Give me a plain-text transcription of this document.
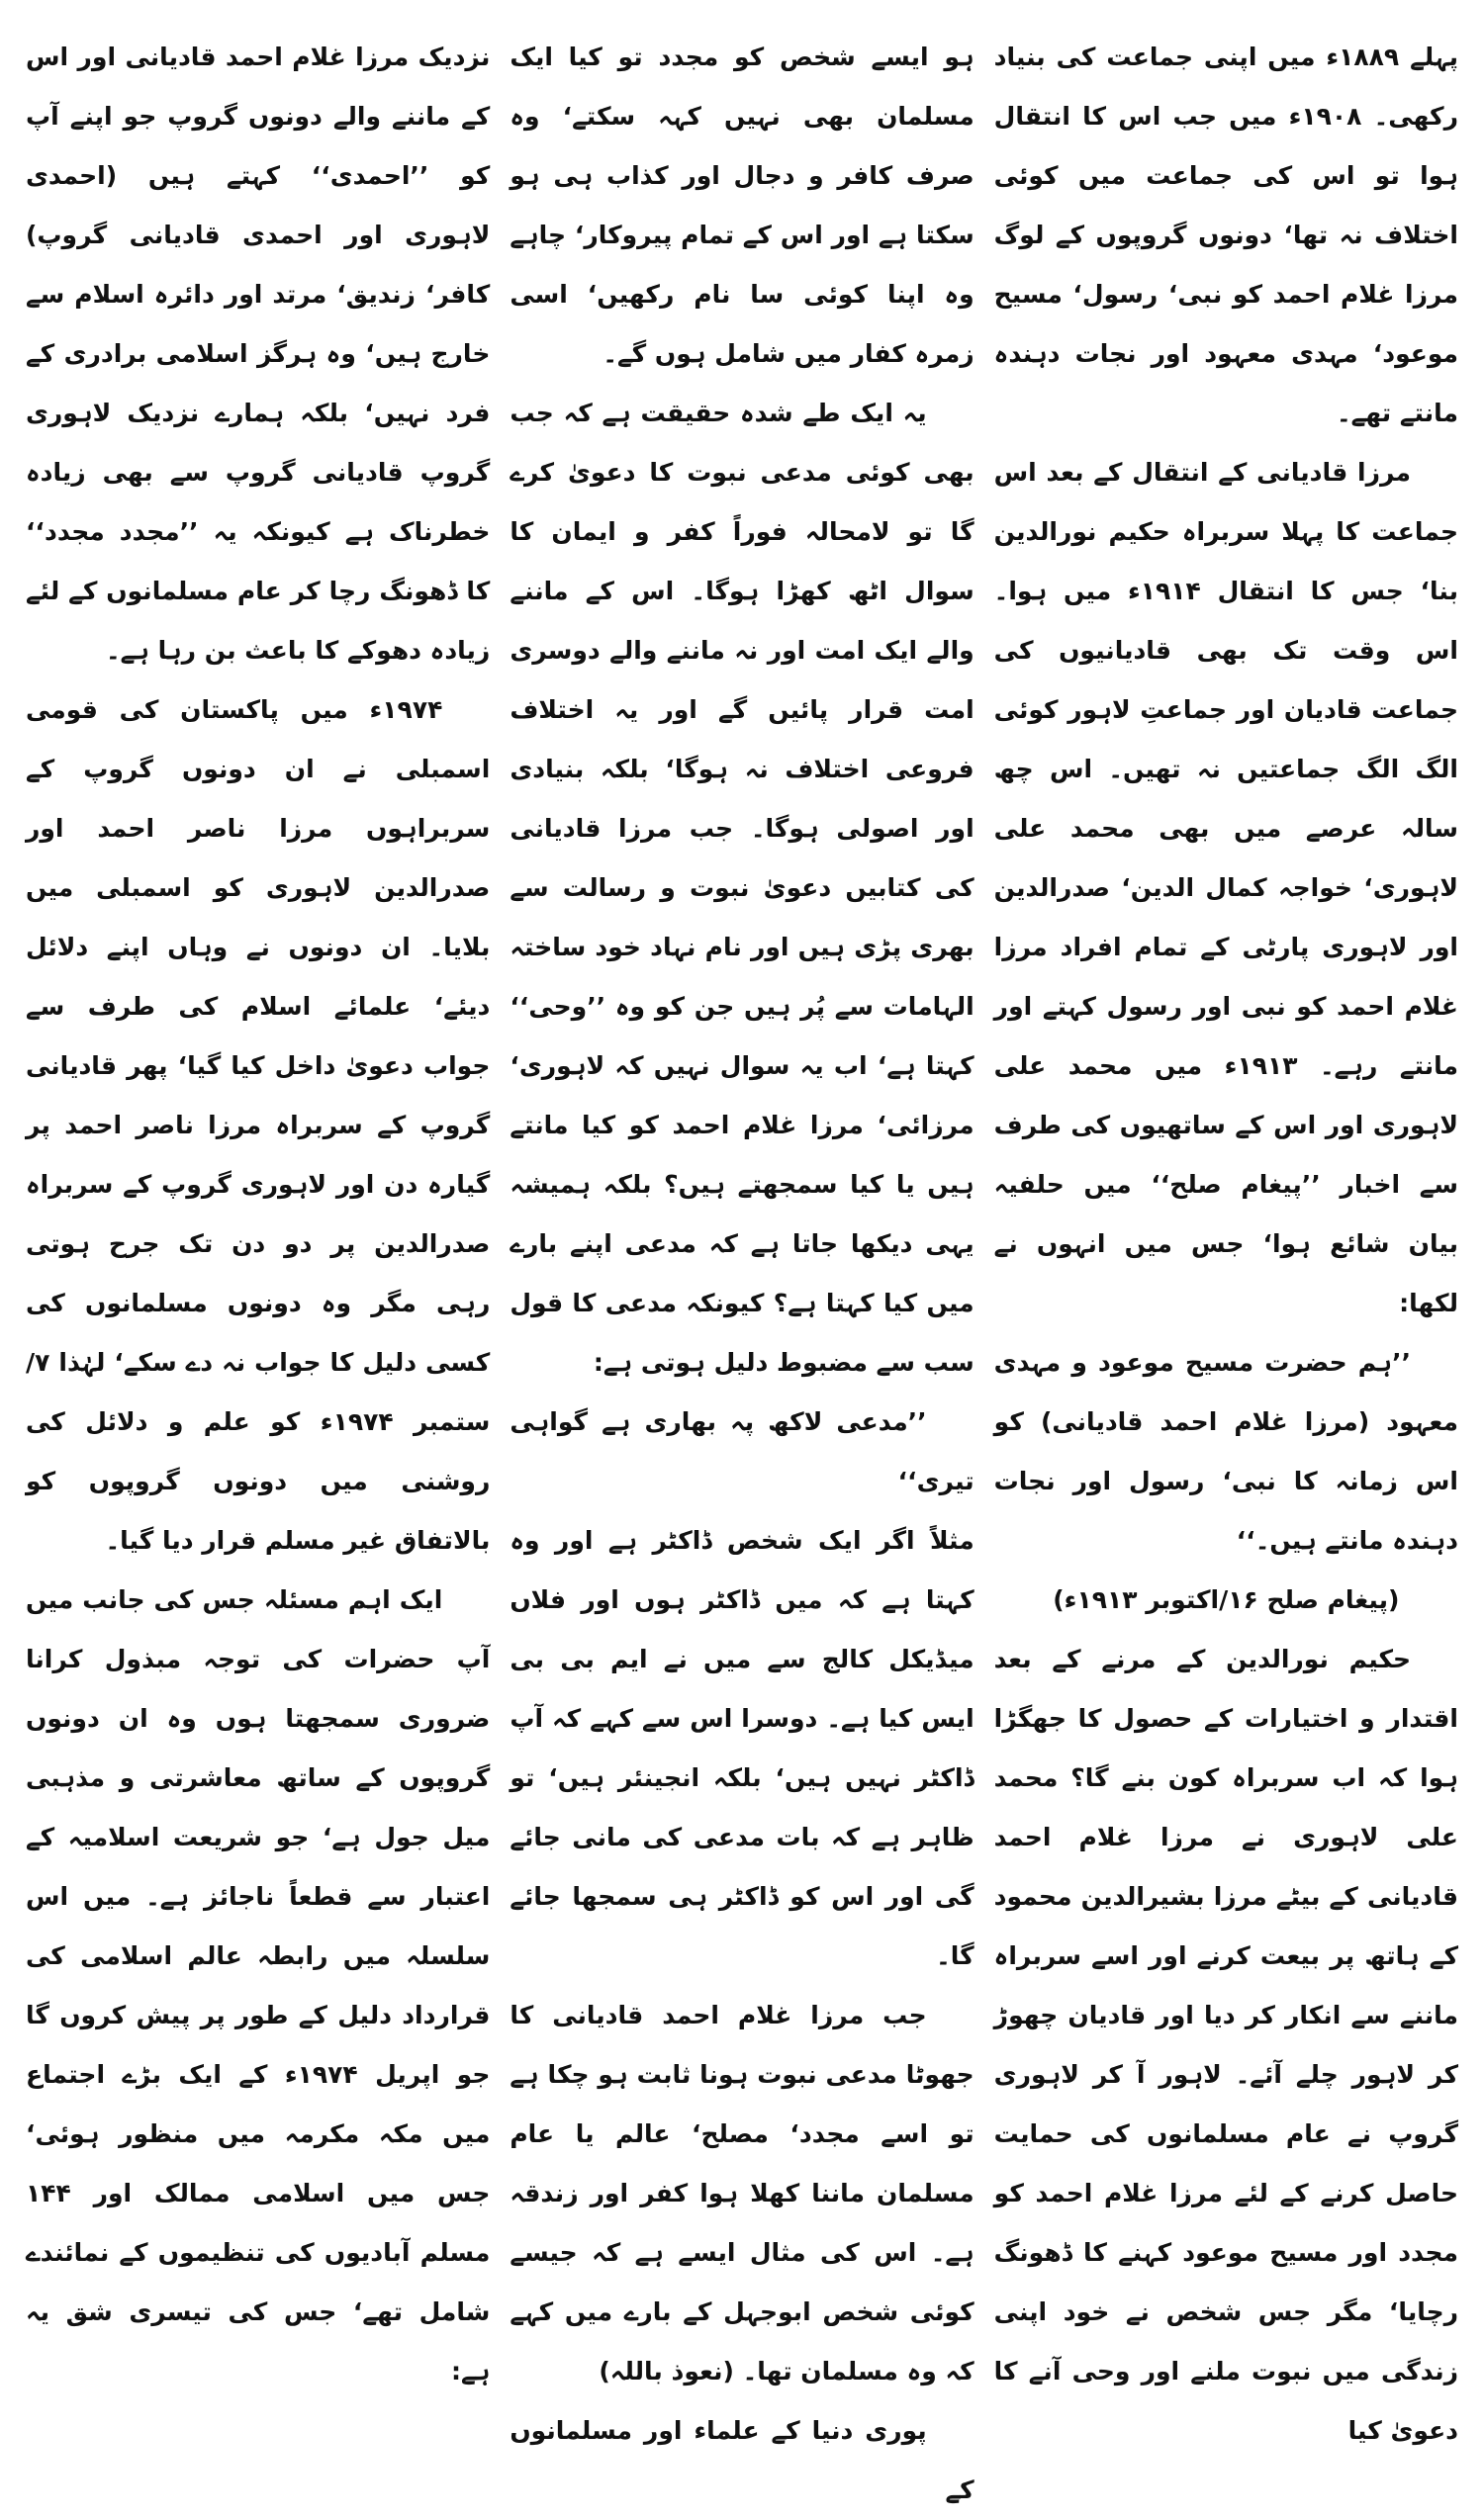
پہلے ۱۸۸۹ء میں اپنی جماعت کی بنیاد رکھی۔ ۱۹۰۸ء میں جب اس کا انتقال ہوا تو اس کی جماعت میں کوئی اختلاف نہ تھا‘ دونوں گروپوں کے لوگ مرزا غلام احمد کو نبی‘ رسول‘ مسیح موعود‘ مہدی معہود اور نجات دہندہ مانتے تھے۔

مرزا قادیانی کے انتقال کے بعد اس جماعت کا پہلا سربراہ حکیم نورالدین بنا‘ جس کا انتقال ۱۹۱۴ء میں ہوا۔ اس وقت تک بھی قادیانیوں کی جماعت قادیان اور جماعتِ لاہور کوئی الگ الگ جماعتیں نہ تھیں۔ اس چھ سالہ عرصے میں بھی محمد علی لاہوری‘ خواجہ کمال الدین‘ صدرالدین اور لاہوری پارٹی کے تمام افراد مرزا غلام احمد کو نبی اور رسول کہتے اور مانتے رہے۔ ۱۹۱۳ء میں محمد علی لاہوری اور اس کے ساتھیوں کی طرف سے اخبار ’’پیغام صلح‘‘ میں حلفیہ بیان شائع ہوا‘ جس میں انہوں نے لکھا:

’’ہم حضرت مسیح موعود و مہدی معہود (مرزا غلام احمد قادیانی) کو اس زمانہ کا نبی‘ رسول اور نجات دہندہ مانتے ہیں۔‘‘

(پیغام صلح ۱۶/اکتوبر ۱۹۱۳ء)

حکیم نورالدین کے مرنے کے بعد اقتدار و اختیارات کے حصول کا جھگڑا ہوا کہ اب سربراہ کون بنے گا؟ محمد علی لاہوری نے مرزا غلام احمد قادیانی کے بیٹے مرزا بشیرالدین محمود کے ہاتھ پر بیعت کرنے اور اسے سربراہ ماننے سے انکار کر دیا اور قادیان چھوڑ کر لاہور چلے آئے۔ لاہور آ کر لاہوری گروپ نے عام مسلمانوں کی حمایت حاصل کرنے کے لئے مرزا غلام احمد کو مجدد اور مسیح موعود کہنے کا ڈھونگ رچایا‘ مگر جس شخص نے خود اپنی زندگی میں نبوت ملنے اور وحی آنے کا دعویٰ کیا

ہو ایسے شخص کو مجدد تو کیا ایک مسلمان بھی نہیں کہہ سکتے‘ وہ صرف کافر و دجال اور کذاب ہی ہو سکتا ہے اور اس کے تمام پیروکار‘ چاہے وہ اپنا کوئی سا نام رکھیں‘ اسی زمرہ کفار میں شامل ہوں گے۔

یہ ایک طے شدہ حقیقت ہے کہ جب بھی کوئی مدعی نبوت کا دعویٰ کرے گا تو لامحالہ فوراً کفر و ایمان کا سوال اٹھ کھڑا ہوگا۔ اس کے ماننے والے ایک امت اور نہ ماننے والے دوسری امت قرار پائیں گے اور یہ اختلاف فروعی اختلاف نہ ہوگا‘ بلکہ بنیادی اور اصولی ہوگا۔ جب مرزا قادیانی کی کتابیں دعویٰ نبوت و رسالت سے بھری پڑی ہیں اور نام نہاد خود ساختہ الہامات سے پُر ہیں جن کو وہ ’’وحی‘‘ کہتا ہے‘ اب یہ سوال نہیں کہ لاہوری‘ مرزائی‘ مرزا غلام احمد کو کیا مانتے ہیں یا کیا سمجھتے ہیں؟ بلکہ ہمیشہ یہی دیکھا جاتا ہے کہ مدعی اپنے بارے میں کیا کہتا ہے؟ کیونکہ مدعی کا قول سب سے مضبوط دلیل ہوتی ہے:

’’مدعی لاکھ پہ بھاری ہے گواہی تیری‘‘

مثلاً اگر ایک شخص ڈاکٹر ہے اور وہ کہتا ہے کہ میں ڈاکٹر ہوں اور فلاں میڈیکل کالج سے میں نے ایم بی بی ایس کیا ہے۔ دوسرا اس سے کہے کہ آپ ڈاکٹر نہیں ہیں‘ بلکہ انجینئر ہیں‘ تو ظاہر ہے کہ بات مدعی کی مانی جائے گی اور اس کو ڈاکٹر ہی سمجھا جائے گا۔

جب مرزا غلام احمد قادیانی کا جھوٹا مدعی نبوت ہونا ثابت ہو چکا ہے تو اسے مجدد‘ مصلح‘ عالم یا عام مسلمان ماننا کھلا ہوا کفر اور زندقہ ہے۔ اس کی مثال ایسے ہے کہ جیسے کوئی شخص ابوجہل کے بارے میں کہے کہ وہ مسلمان تھا۔ (نعوذ باللہ)

پوری دنیا کے علماء اور مسلمانوں کے

نزدیک مرزا غلام احمد قادیانی اور اس کے ماننے والے دونوں گروپ جو اپنے آپ کو ’’احمدی‘‘ کہتے ہیں (احمدی لاہوری اور احمدی قادیانی گروپ) کافر‘ زندیق‘ مرتد اور دائرہ اسلام سے خارج ہیں‘ وہ ہرگز اسلامی برادری کے فرد نہیں‘ بلکہ ہمارے نزدیک لاہوری گروپ قادیانی گروپ سے بھی زیادہ خطرناک ہے کیونکہ یہ ’’مجدد مجدد‘‘ کا ڈھونگ رچا کر عام مسلمانوں کے لئے زیادہ دھوکے کا باعث بن رہا ہے۔

۱۹۷۴ء میں پاکستان کی قومی اسمبلی نے ان دونوں گروپ کے سربراہوں مرزا ناصر احمد اور صدرالدین لاہوری کو اسمبلی میں بلایا۔ ان دونوں نے وہاں اپنے دلائل دیئے‘ علمائے اسلام کی طرف سے جواب دعویٰ داخل کیا گیا‘ پھر قادیانی گروپ کے سربراہ مرزا ناصر احمد پر گیارہ دن اور لاہوری گروپ کے سربراہ صدرالدین پر دو دن تک جرح ہوتی رہی مگر وہ دونوں مسلمانوں کی کسی دلیل کا جواب نہ دے سکے‘ لہٰذا ۷/ستمبر ۱۹۷۴ء کو علم و دلائل کی روشنی میں دونوں گروپوں کو بالاتفاق غیر مسلم قرار دیا گیا۔

ایک اہم مسئلہ جس کی جانب میں آپ حضرات کی توجہ مبذول کرانا ضروری سمجھتا ہوں وہ ان دونوں گروپوں کے ساتھ معاشرتی و مذہبی میل جول ہے‘ جو شریعت اسلامیہ کے اعتبار سے قطعاً ناجائز ہے۔ میں اس سلسلہ میں رابطہ عالم اسلامی کی قرارداد دلیل کے طور پر پیش کروں گا جو اپریل ۱۹۷۴ء کے ایک بڑے اجتماع میں مکہ مکرمہ میں منظور ہوئی‘ جس میں اسلامی ممالک اور ۱۴۴ مسلم آبادیوں کی تنظیموں کے نمائندے شامل تھے‘ جس کی تیسری شق یہ ہے:
